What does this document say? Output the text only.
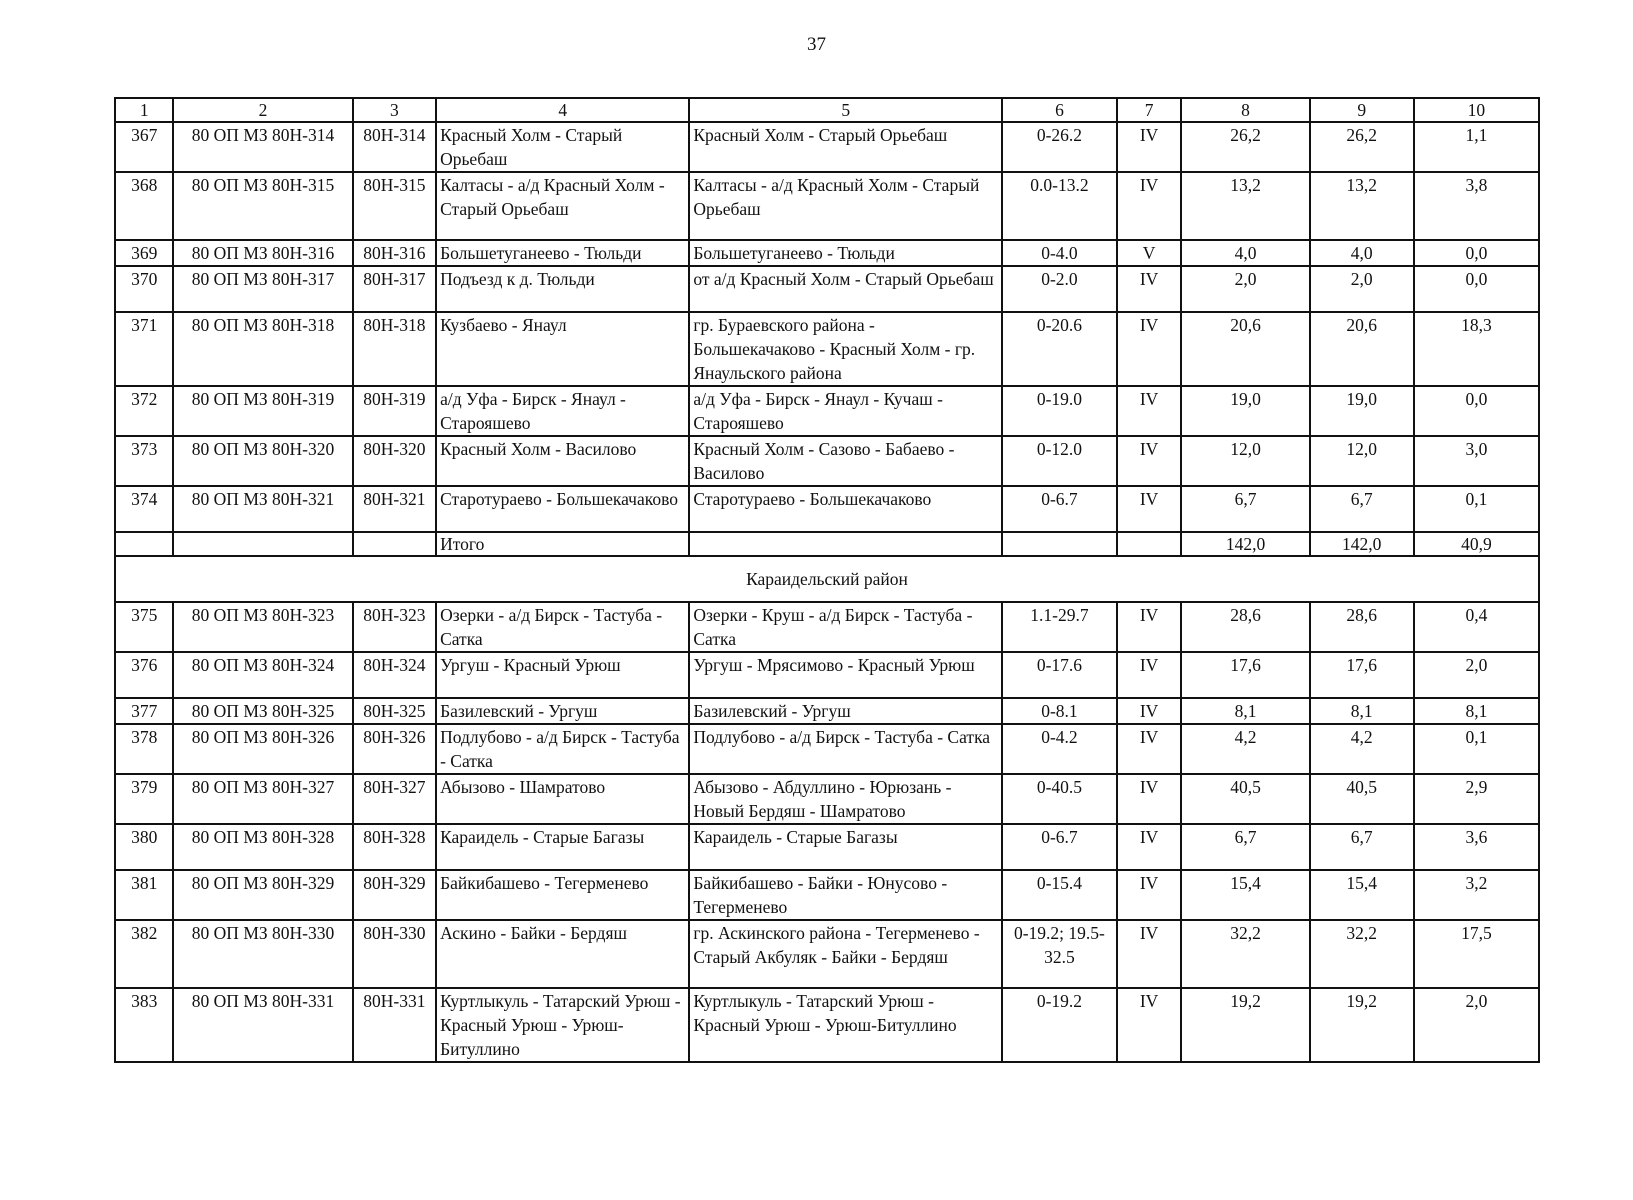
37
1	2	3	4	5	6	7	8	9	10
367	80 ОП МЗ 80Н-314	80Н-314	Красный Холм - Старый Орьебаш	Красный Холм - Старый Орьебаш	0-26.2	IV	26,2	26,2	1,1
368	80 ОП МЗ 80Н-315	80Н-315	Калтасы - а/д Красный Холм - Старый Орьебаш	Калтасы - а/д Красный Холм - Старый Орьебаш	0.0-13.2	IV	13,2	13,2	3,8
369	80 ОП МЗ 80Н-316	80Н-316	Большетуганеево - Тюльди	Большетуганеево - Тюльди	0-4.0	V	4,0	4,0	0,0
370	80 ОП МЗ 80Н-317	80Н-317	Подъезд к д. Тюльди	от а/д Красный Холм - Старый Орьебаш	0-2.0	IV	2,0	2,0	0,0
371	80 ОП МЗ 80Н-318	80Н-318	Кузбаево - Янаул	гр. Бураевского района - Большекачаково - Красный Холм - гр. Янаульского района	0-20.6	IV	20,6	20,6	18,3
372	80 ОП МЗ 80Н-319	80Н-319	а/д Уфа - Бирск - Янаул - Старояшево	а/д Уфа - Бирск - Янаул - Кучаш - Старояшево	0-19.0	IV	19,0	19,0	0,0
373	80 ОП МЗ 80Н-320	80Н-320	Красный Холм - Василово	Красный Холм - Сазово - Бабаево - Василово	0-12.0	IV	12,0	12,0	3,0
374	80 ОП МЗ 80Н-321	80Н-321	Старотураево - Большекачаково	Старотураево - Большекачаково	0-6.7	IV	6,7	6,7	0,1
			Итого				142,0	142,0	40,9
Караидельский район									
375	80 ОП МЗ 80Н-323	80Н-323	Озерки - а/д Бирск - Тастуба - Сатка	Озерки - Круш - а/д Бирск - Тастуба - Сатка	1.1-29.7	IV	28,6	28,6	0,4
376	80 ОП МЗ 80Н-324	80Н-324	Ургуш - Красный Урюш	Ургуш - Мрясимово - Красный Урюш	0-17.6	IV	17,6	17,6	2,0
377	80 ОП МЗ 80Н-325	80Н-325	Базилевский - Ургуш	Базилевский - Ургуш	0-8.1	IV	8,1	8,1	8,1
378	80 ОП МЗ 80Н-326	80Н-326	Подлубово - а/д Бирск - Тастуба - Сатка	Подлубово - а/д Бирск - Тастуба - Сатка	0-4.2	IV	4,2	4,2	0,1
379	80 ОП МЗ 80Н-327	80Н-327	Абызово - Шамратово	Абызово - Абдуллино - Юрюзань - Новый Бердяш - Шамратово	0-40.5	IV	40,5	40,5	2,9
380	80 ОП МЗ 80Н-328	80Н-328	Караидель - Старые Багазы	Караидель - Старые Багазы	0-6.7	IV	6,7	6,7	3,6
381	80 ОП МЗ 80Н-329	80Н-329	Байкибашево - Тегерменево	Байкибашево - Байки - Юнусово - Тегерменево	0-15.4	IV	15,4	15,4	3,2
382	80 ОП МЗ 80Н-330	80Н-330	Аскино - Байки - Бердяш	гр. Аскинского района - Тегерменево - Старый Акбуляк - Байки - Бердяш	0-19.2; 19.5-32.5	IV	32,2	32,2	17,5
383	80 ОП МЗ 80Н-331	80Н-331	Куртлыкуль - Татарский Урюш - Красный Урюш - Урюш-Битуллино	Куртлыкуль - Татарский Урюш - Красный Урюш - Урюш-Битуллино	0-19.2	IV	19,2	19,2	2,0
